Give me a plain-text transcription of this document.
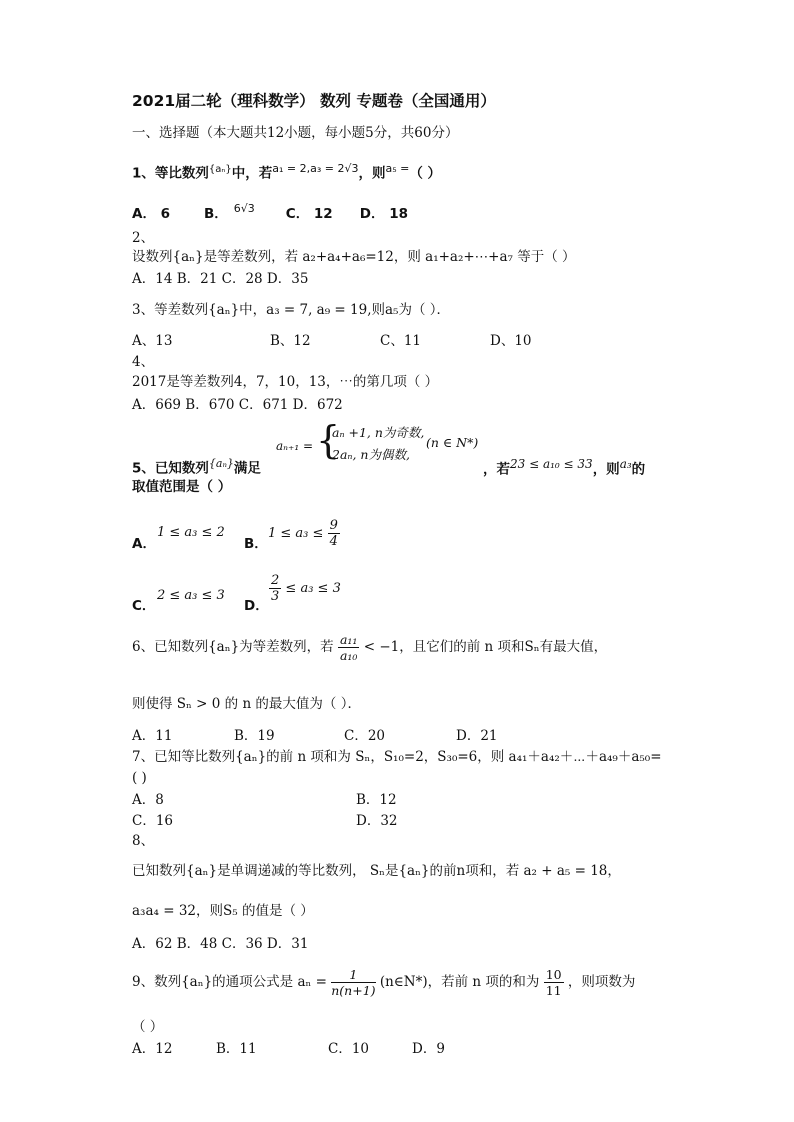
2021届二轮（理科数学） 数列 专题卷（全国通用）
一、选择题（本大题共12小题，每小题5分，共60分）
1、等比数列$^{\{a_n\}}$中，若$^{a_1 = 2,a_3 = 2√3}$，则$^{a_5 =}$（ ）
A． 6	B． $^{6√3}$ C． 12 D． 18
2、
设数列{aₙ}是等差数列，若 a₂+a₄+a₆=12，则 a₁+a₂+⋯+a₇ 等于（ ）
A．14 B．21 C．28 D．35
3、等差数列{aₙ}中，a₃ = 7, a₉ = 19,则a₅为（ ）．
A、13	B、12	C、11	D、10
4、
2017是等差数列4，7，10，13，⋯的第几项（ ）
A．669 B．670 C．671 D．672
5、已知数列$^{\{a_n\}}$满足
aₙ₊₁ = {
aₙ +1, n为奇数,
2aₙ, n为偶数,
(n ∈ N*)
，若$^{23 \le a_{10} \le 33}$，则$^{a_3}$的
取值范围是（ ）
A．
1 ≤ a₃ ≤ 2
B．
$1 \le a_3 \le \frac{9}{4}$
C．
2 ≤ a₃ ≤ 3
D．
$\frac{2}{3} \le a_3 \le 3$
6、已知数列{aₙ}为等差数列，若 $\frac{\text{a₁₁}}{\text{a₁₀}} < -1$，且它们的前 n 项和Sₙ有最大值，
则使得 Sₙ > 0 的 n 的最大值为（ ）．
A．11	B．19	C．20	D．21
7、已知等比数列{aₙ}的前 n 项和为 Sₙ，S₁₀=2，S₃₀=6，则 a₄₁＋a₄₂＋⋯＋a₄₉＋a₅₀=
( )
A．8	B．12
C．16	D．32
8、
已知数列{aₙ}是单调递减的等比数列， Sₙ是{aₙ}的前n项和，若 a₂ + a₅ = 18，
a₃a₄ = 32，则S₅ 的值是（ ）
A．62 B．48 C．36 D．31
9、数列{aₙ}的通项公式是 $a_n = \frac{1}{n(n+1)}$ (n∈N*)，若前 n 项的和为 $\frac{10}{11}$ ，则项数为
（ ）
A．12	B．11	C．10	D．9
